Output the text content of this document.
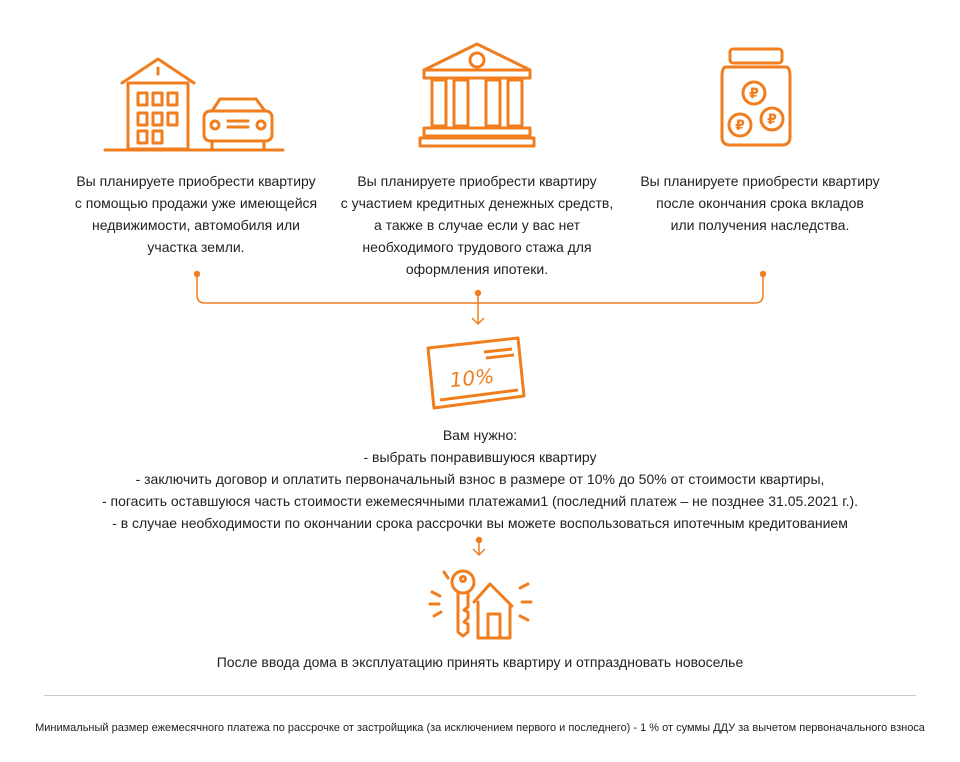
₽
₽ ₽
Вы планируете приобрести квартиру
с помощью продажи уже имеющейся
недвижимости, автомобиля или
участка земли.
Вы планируете приобрести квартиру
с участием кредитных денежных средств,
а также в случае если у вас нет
необходимого трудового стажа для
оформления ипотеки.
Вы планируете приобрести квартиру
после окончания срока вкладов
или получения наследства.
10%
Вам нужно:
- выбрать понравившуюся квартиру
- заключить договор и оплатить первоначальный взнос в размере от 10% до 50% от стоимости квартиры,
- погасить оставшуюся часть стоимости ежемесячными платежами1 (последний платеж – не позднее 31.05.2021 г.).
- в случае необходимости по окончании срока рассрочки вы можете воспользоваться ипотечным кредитованием
После ввода дома в эксплуатацию принять квартиру и отпраздновать новоселье
Минимальный размер ежемесячного платежа по рассрочке от застройщика (за исключением первого и последнего) - 1 % от суммы ДДУ за вычетом первоначального взноса
